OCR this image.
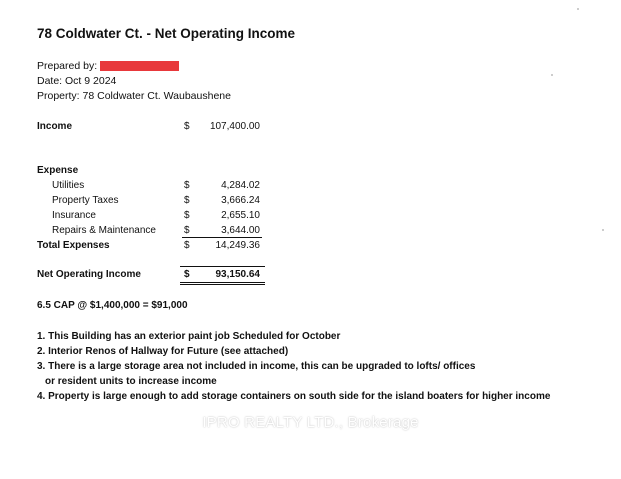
78 Coldwater Ct. - Net Operating Income
Prepared by:
Date: Oct 9 2024
Property: 78 Coldwater Ct. Waubaushene
Income	$ 107,400.00
Expense
Utilities	$	4,284.02
Property Taxes	$	3,666.24
Insurance	$	2,655.10
Repairs & Maintenance	$	3,644.00
Total Expenses	$	14,249.36
Net Operating Income	$	93,150.64
6.5 CAP @ $1,400,000 = $91,000
1. This Building has an exterior paint job Scheduled for October
2. Interior Renos of Hallway for Future (see attached)
3. There is a large storage area not included in income, this can be upgraded to lofts/ offices
or resident units to increase income
4. Property is large enough to add storage containers on south side for the island boaters for higher income
IPRO REALTY LTD., Brokerage
